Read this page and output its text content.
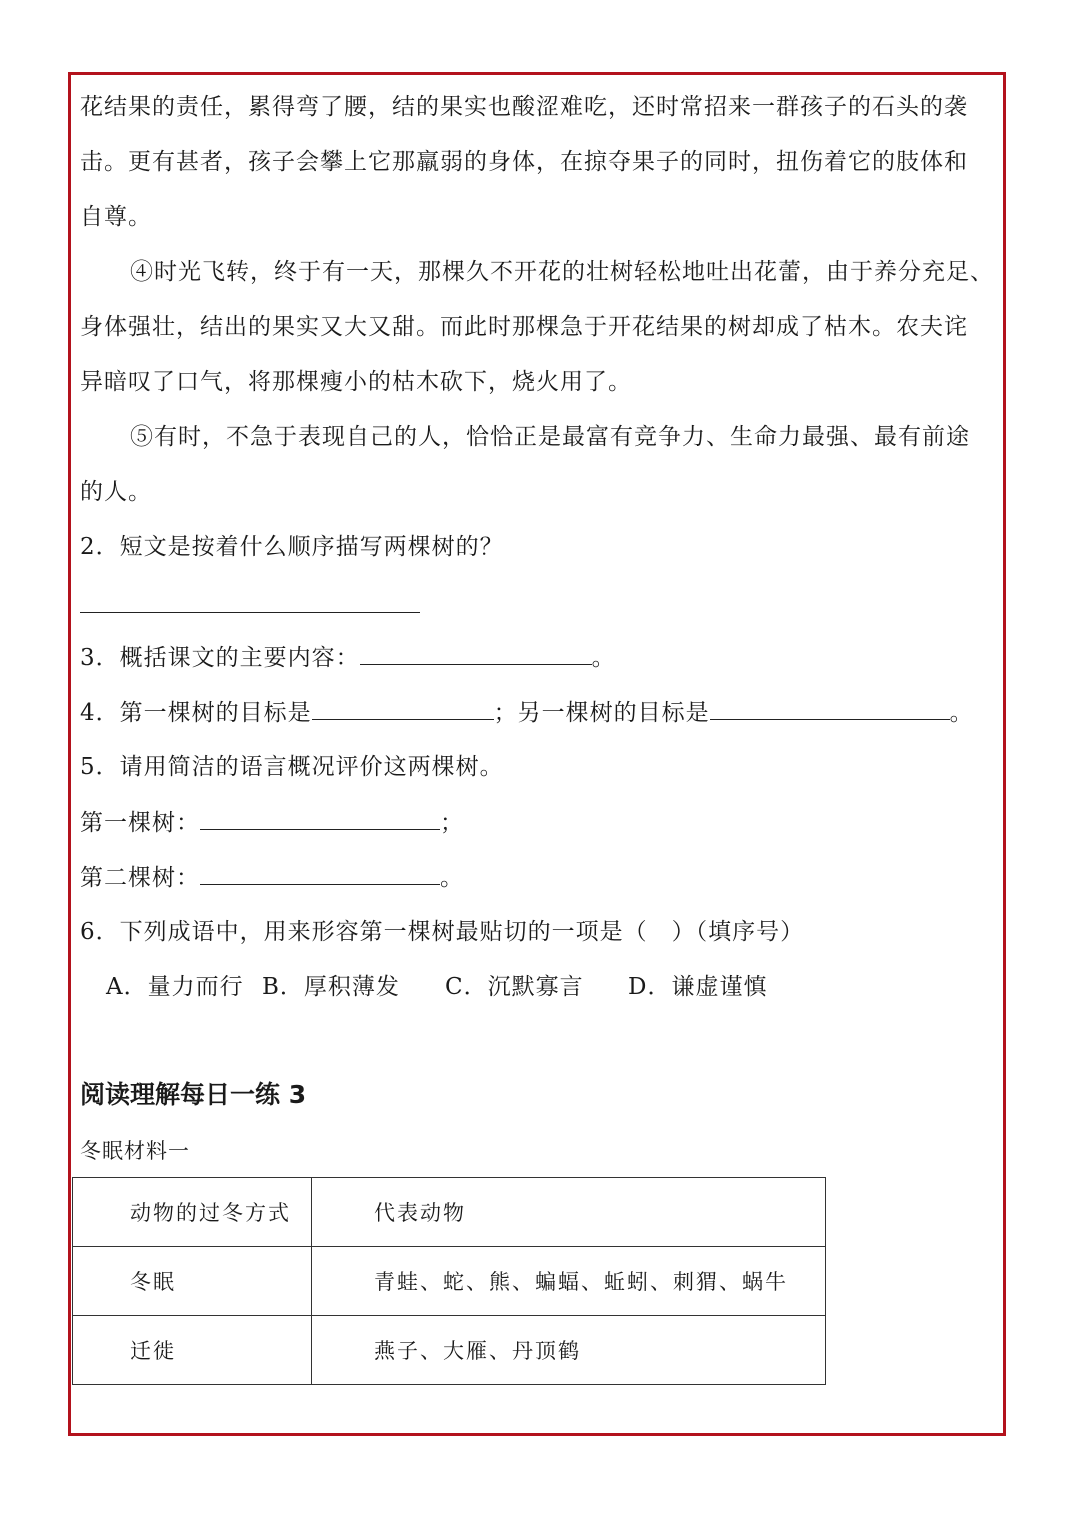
花结果的责任，累得弯了腰，结的果实也酸涩难吃，还时常招来一群孩子的石头的袭
击。更有甚者，孩子会攀上它那羸弱的身体，在掠夺果子的同时，扭伤着它的肢体和
自尊。
④时光飞转，终于有一天，那棵久不开花的壮树轻松地吐出花蕾，由于养分充足、
身体强壮，结出的果实又大又甜。而此时那棵急于开花结果的树却成了枯木。农夫诧
异暗叹了口气，将那棵瘦小的枯木砍下，烧火用了。
⑤有时，不急于表现自己的人，恰恰正是最富有竞争力、生命力最强、最有前途
的人。
2．短文是按着什么顺序描写两棵树的？
3．概括课文的主要内容：	。
4．第一棵树的目标是	；另一棵树的目标是	。
5．请用简洁的语言概况评价这两棵树。
第一棵树：	；
第二棵树：	。
6．下列成语中，用来形容第一棵树最贴切的一项是（　）（填序号）
A．量力而行 B．厚积薄发 C．沉默寡言 D．谦虚谨慎
阅读理解每日一练 3
冬眠材料一
动物的过冬方式	代表动物
冬眠	青蛙、蛇、熊、蝙蝠、蚯蚓、刺猬、蜗牛
迁徙	燕子、大雁、丹顶鹤
